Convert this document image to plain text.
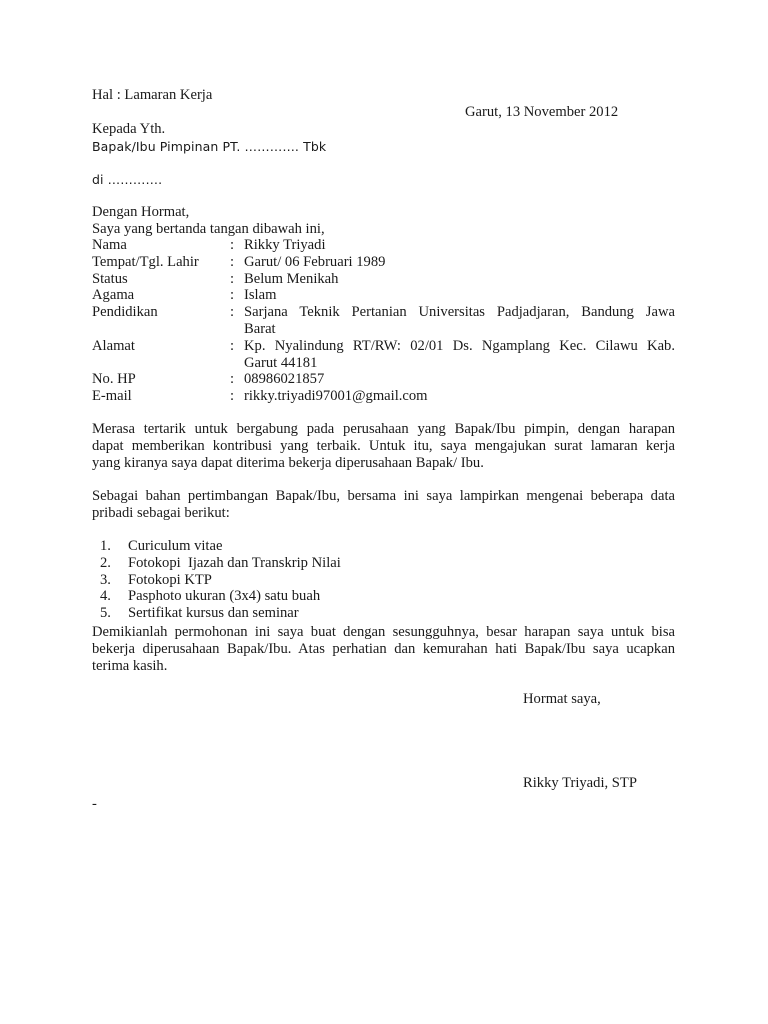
Hal : Lamaran Kerja
Garut, 13 November 2012
Kepada Yth.
Bapak/Ibu Pimpinan PT. …………. Tbk
di ………….
Dengan Hormat,
Saya yang bertanda tangan dibawah ini,
Nama	: Rikky Triyadi
Tempat/Tgl. Lahir	: Garut/ 06 Februari 1989
Status	: Belum Menikah
Agama	: Islam
Pendidikan	: Sarjana Teknik Pertanian Universitas Padjadjaran, Bandung Jawa
Barat
Alamat	: Kp. Nyalindung RT/RW: 02/01 Ds. Ngamplang Kec. Cilawu Kab.
Garut 44181
No. HP	: 08986021857
E-mail	: rikky.triyadi97001@gmail.com
Merasa tertarik untuk bergabung pada perusahaan yang Bapak/Ibu pimpin, dengan harapan
dapat memberikan kontribusi yang terbaik. Untuk itu, saya mengajukan surat lamaran kerja
yang kiranya saya dapat diterima bekerja diperusahaan Bapak/ Ibu.
Sebagai bahan pertimbangan Bapak/Ibu, bersama ini saya lampirkan mengenai beberapa data
pribadi sebagai berikut:
1.	Curiculum vitae
2.	Fotokopi  Ijazah dan Transkrip Nilai
3.	Fotokopi KTP
4.	Pasphoto ukuran (3x4) satu buah
5.	Sertifikat kursus dan seminar
Demikianlah permohonan ini saya buat dengan sesungguhnya, besar harapan saya untuk bisa
bekerja diperusahaan Bapak/Ibu. Atas perhatian dan kemurahan hati Bapak/Ibu saya ucapkan
terima kasih.
Hormat saya,
Rikky Triyadi, STP
-
